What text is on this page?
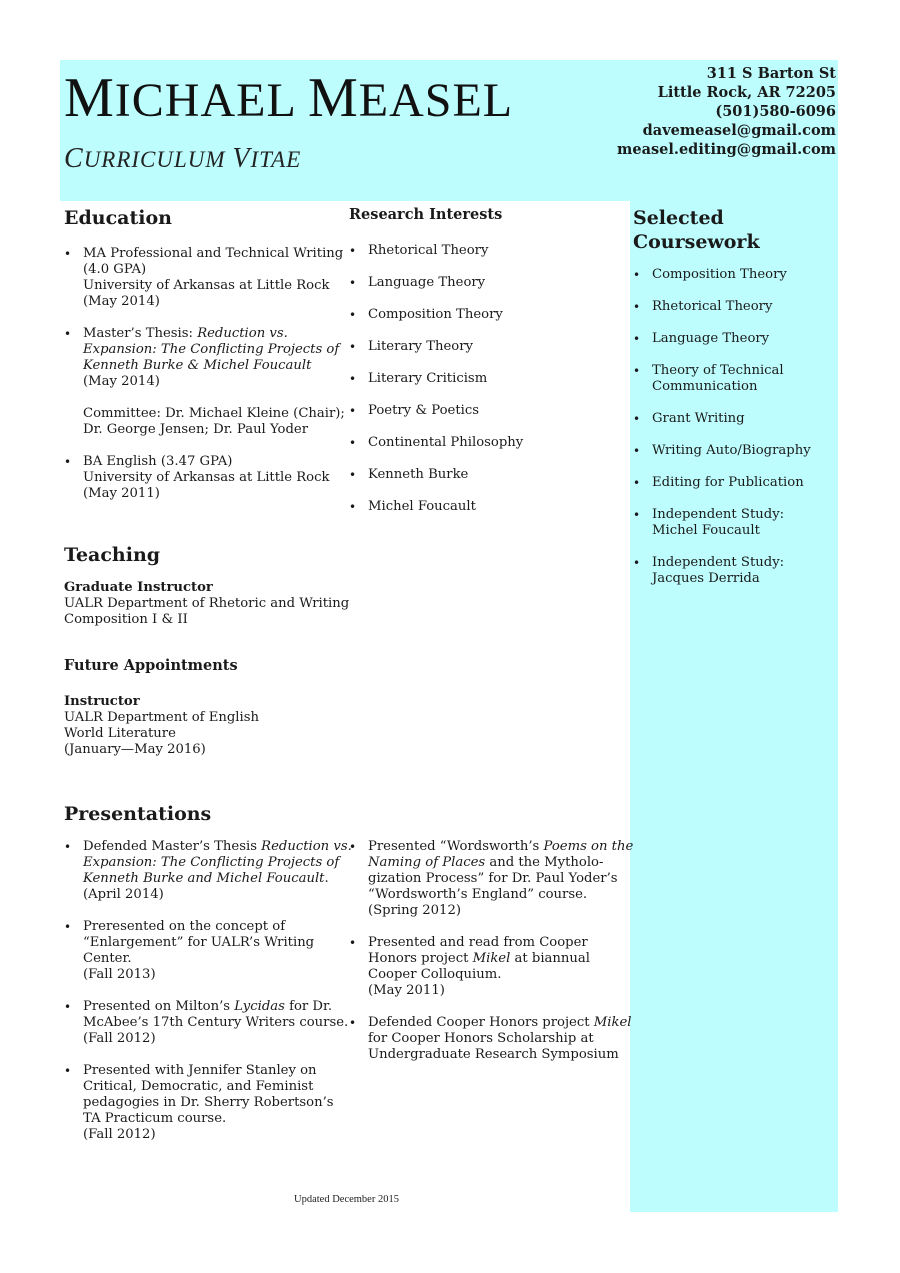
MICHAEL MEASEL
CURRICULUM VITAE
311 S Barton St
Little Rock, AR 72205
(501)580-6096
davemeasel@gmail.com
measel.editing@gmail.com
Education
• MA Professional and Technical Writing
(4.0 GPA)
University of Arkansas at Little Rock
(May 2014)
• Master’s Thesis: Reduction vs.
Expansion: The Conflicting Projects of
Kenneth Burke & Michel Foucault
(May 2014)
Committee: Dr. Michael Kleine (Chair);
Dr. George Jensen; Dr. Paul Yoder
• BA English (3.47 GPA)
University of Arkansas at Little Rock
(May 2011)
Research Interests
• Rhetorical Theory
• Language Theory
• Composition Theory
• Literary Theory
• Literary Criticism
• Poetry & Poetics
• Continental Philosophy
• Kenneth Burke
• Michel Foucault
Selected
Coursework
• Composition Theory
• Rhetorical Theory
• Language Theory
• Theory of Technical
Communication
• Grant Writing
• Writing Auto/Biography
• Editing for Publication
• Independent Study:
Michel Foucault
• Independent Study:
Jacques Derrida
Teaching
Graduate Instructor
UALR Department of Rhetoric and Writing
Composition I & II
Future Appointments
Instructor
UALR Department of English
World Literature
(January—May 2016)
Presentations
• Defended Master’s Thesis Reduction vs.
Expansion: The Conflicting Projects of
Kenneth Burke and Michel Foucault.
(April 2014)
• Preresented on the concept of
“Enlargement” for UALR’s Writing
Center.
(Fall 2013)
• Presented on Milton’s Lycidas for Dr.
McAbee’s 17th Century Writers course.
(Fall 2012)
• Presented with Jennifer Stanley on
Critical, Democratic, and Feminist
pedagogies in Dr. Sherry Robertson’s
TA Practicum course.
(Fall 2012)
• Presented “Wordsworth’s Poems on the
Naming of Places and the Mytholo-
gization Process” for Dr. Paul Yoder’s
“Wordsworth’s England” course.
(Spring 2012)
• Presented and read from Cooper
Honors project Mikel at biannual
Cooper Colloquium.
(May 2011)
• Defended Cooper Honors project Mikel
for Cooper Honors Scholarship at
Undergraduate Research Symposium
Updated December 2015
